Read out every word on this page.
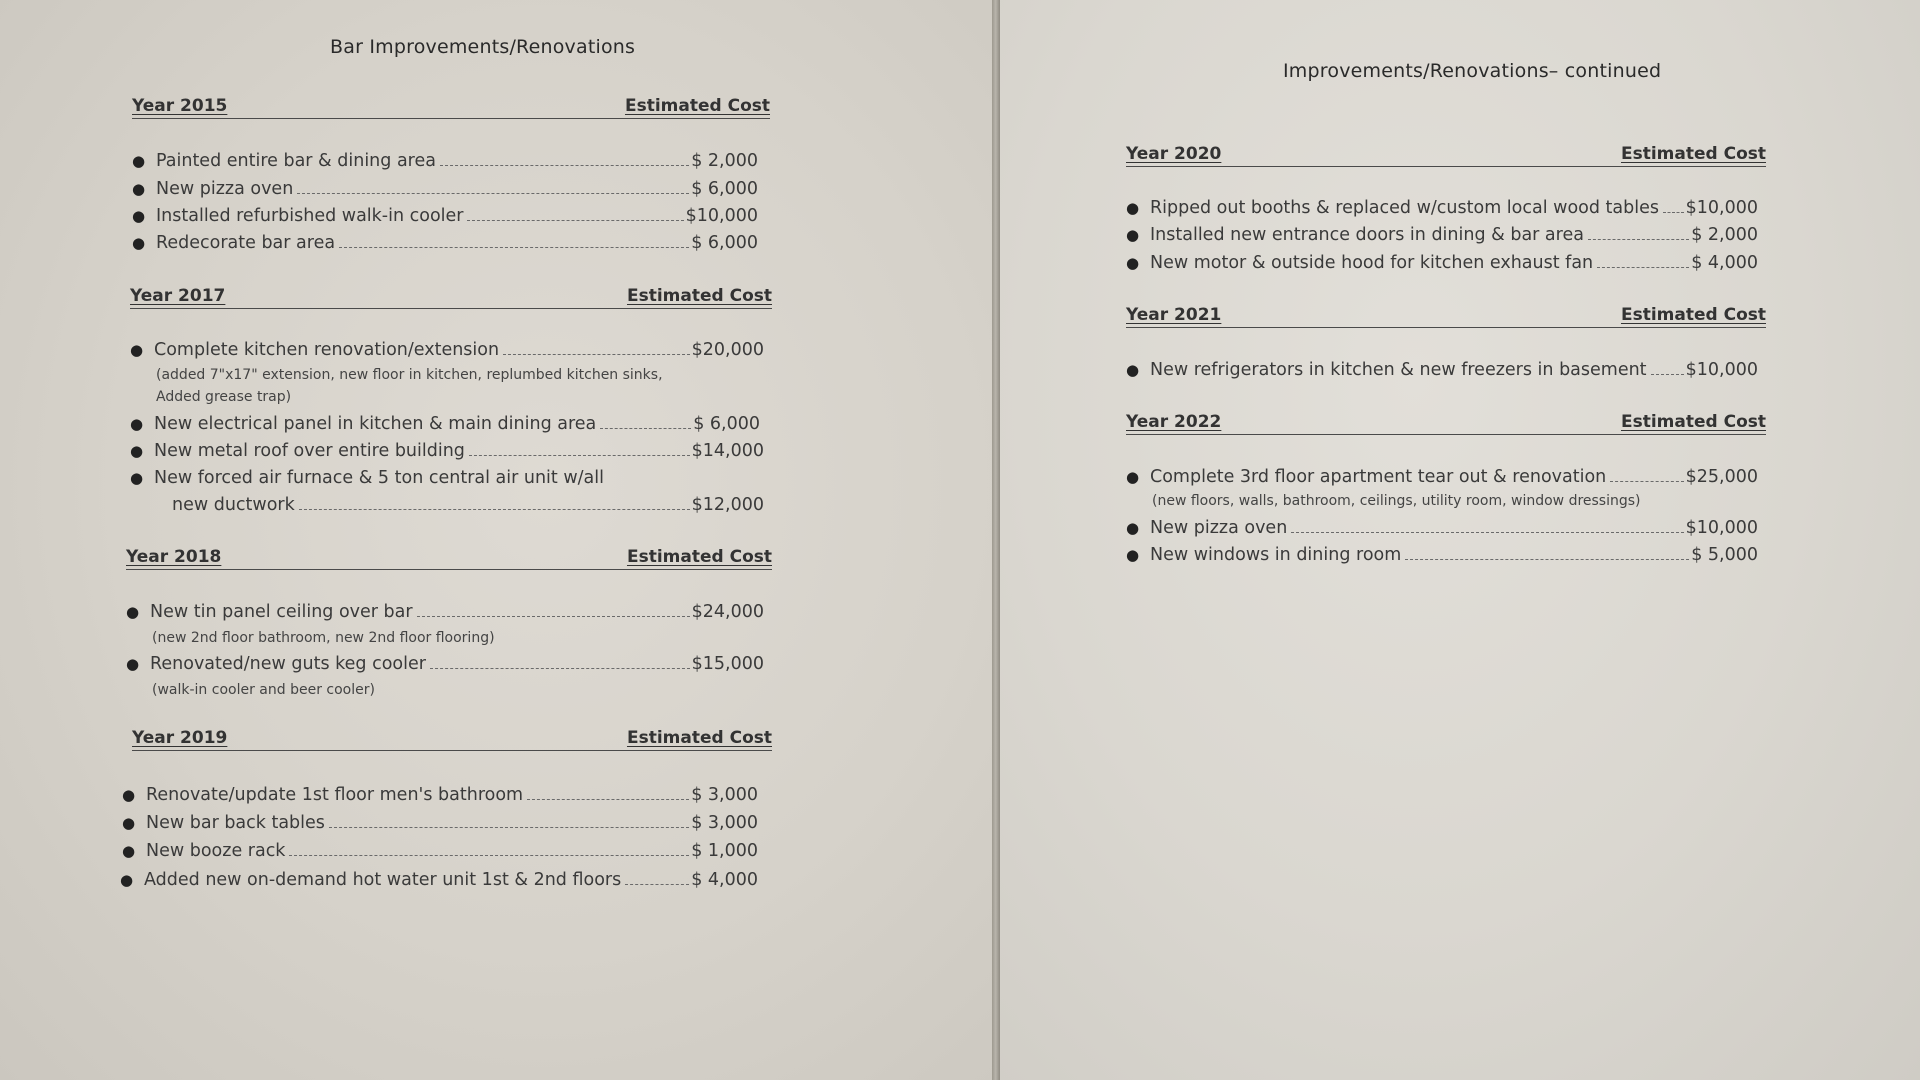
Bar Improvements/Renovations
Year 2015	Estimated Cost
● Painted entire bar & dining area	$ 2,000
● New pizza oven	$ 6,000
● Installed refurbished walk-in cooler	$10,000
● Redecorate bar area	$ 6,000
Year 2017	Estimated Cost
● Complete kitchen renovation/extension	$20,000
(added 7"x17" extension, new floor in kitchen, replumbed kitchen sinks,
Added grease trap)
● New electrical panel in kitchen & main dining area	$ 6,000
● New metal roof over entire building	$14,000
● New forced air furnace & 5 ton central air unit w/all
new ductwork	$12,000
Year 2018	Estimated Cost
● New tin panel ceiling over bar	$24,000
(new 2nd floor bathroom, new 2nd floor flooring)
● Renovated/new guts keg cooler	$15,000
(walk-in cooler and beer cooler)
Year 2019	Estimated Cost
● Renovate/update 1st floor men's bathroom	$ 3,000
● New bar back tables	$ 3,000
● New booze rack	$ 1,000
● Added new on-demand hot water unit 1st & 2nd floors	$ 4,000
Improvements/Renovations– continued
Year 2020	Estimated Cost
● Ripped out booths & replaced w/custom local wood tables $10,000
● Installed new entrance doors in dining & bar area	$ 2,000
● New motor & outside hood for kitchen exhaust fan	$ 4,000
Year 2021	Estimated Cost
● New refrigerators in kitchen & new freezers in basement $10,000
Year 2022	Estimated Cost
● Complete 3rd floor apartment tear out & renovation	$25,000
(new floors, walls, bathroom, ceilings, utility room, window dressings)
● New pizza oven	$10,000
● New windows in dining room	$ 5,000
